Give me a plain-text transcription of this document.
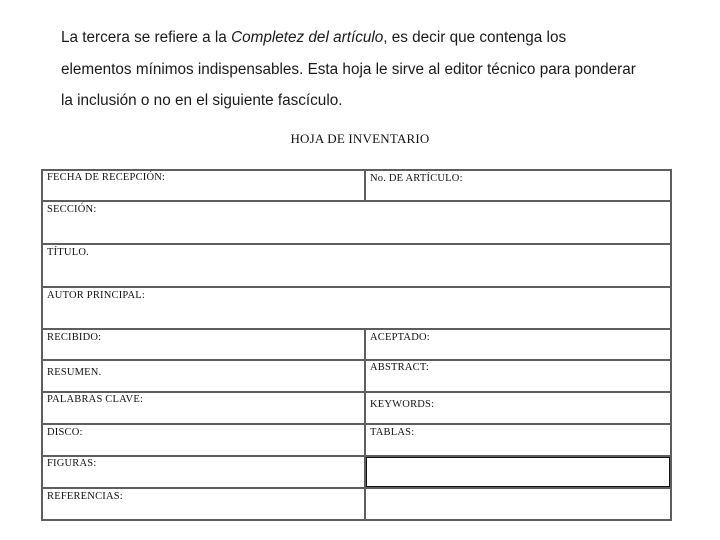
La tercera se refiere a la Completez del artículo, es decir que contenga los

elementos mínimos indispensables. Esta hoja le sirve al editor técnico para ponderar

la inclusión o no en el siguiente fascículo.

HOJA DE INVENTARIO
FECHA DE RECEPCIÓN:	No. DE ARTÍCULO:
SECCIÓN:
TÍTULO.
AUTOR PRINCIPAL:
RECIBIDO:	ACEPTADO:
RESUMEN.	ABSTRACT:
PALABRAS CLAVE:	KEYWORDS:
DISCO:	TABLAS:
FIGURAS:
REFERENCIAS:
